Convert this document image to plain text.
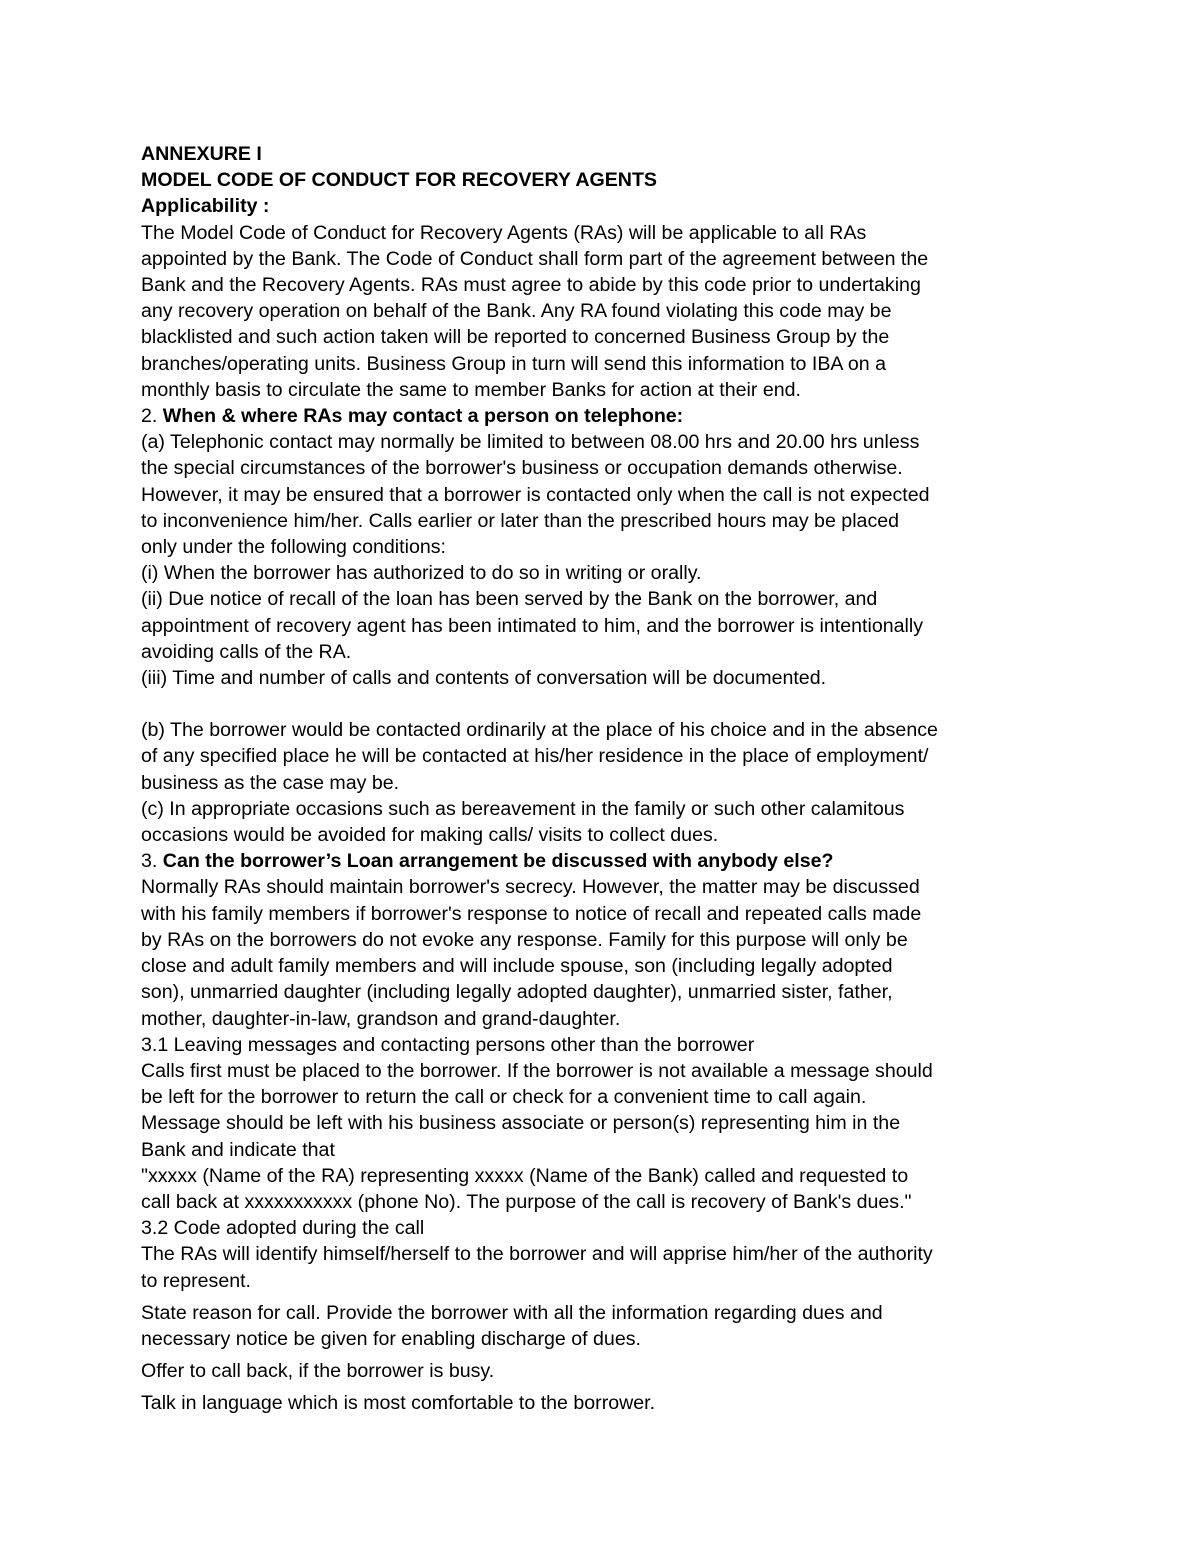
ANNEXURE I
MODEL CODE OF CONDUCT FOR RECOVERY AGENTS
Applicability :
The Model Code of Conduct for Recovery Agents (RAs) will be applicable to all RAs
appointed by the Bank. The Code of Conduct shall form part of the agreement between the
Bank and the Recovery Agents. RAs must agree to abide by this code prior to undertaking
any recovery operation on behalf of the Bank. Any RA found violating this code may be
blacklisted and such action taken will be reported to concerned Business Group by the
branches/operating units. Business Group in turn will send this information to IBA on a
monthly basis to circulate the same to member Banks for action at their end.
2. When & where RAs may contact a person on telephone:
(a) Telephonic contact may normally be limited to between 08.00 hrs and 20.00 hrs unless
the special circumstances of the borrower's business or occupation demands otherwise.
However, it may be ensured that a borrower is contacted only when the call is not expected
to inconvenience him/her. Calls earlier or later than the prescribed hours may be placed
only under the following conditions:
(i) When the borrower has authorized to do so in writing or orally.
(ii) Due notice of recall of the loan has been served by the Bank on the borrower, and
appointment of recovery agent has been intimated to him, and the borrower is intentionally
avoiding calls of the RA.
(iii) Time and number of calls and contents of conversation will be documented.
(b) The borrower would be contacted ordinarily at the place of his choice and in the absence
of any specified place he will be contacted at his/her residence in the place of employment/
business as the case may be.
(c) In appropriate occasions such as bereavement in the family or such other calamitous
occasions would be avoided for making calls/ visits to collect dues.
3. Can the borrower’s Loan arrangement be discussed with anybody else?
Normally RAs should maintain borrower's secrecy. However, the matter may be discussed
with his family members if borrower's response to notice of recall and repeated calls made
by RAs on the borrowers do not evoke any response. Family for this purpose will only be
close and adult family members and will include spouse, son (including legally adopted
son), unmarried daughter (including legally adopted daughter), unmarried sister, father,
mother, daughter-in-law, grandson and grand-daughter.
3.1 Leaving messages and contacting persons other than the borrower
Calls first must be placed to the borrower. If the borrower is not available a message should
be left for the borrower to return the call or check for a convenient time to call again.
Message should be left with his business associate or person(s) representing him in the
Bank and indicate that
"xxxxx (Name of the RA) representing xxxxx (Name of the Bank) called and requested to
call back at xxxxxxxxxxx (phone No). The purpose of the call is recovery of Bank's dues."
3.2 Code adopted during the call
The RAs will identify himself/herself to the borrower and will apprise him/her of the authority
to represent.
State reason for call. Provide the borrower with all the information regarding dues and
necessary notice be given for enabling discharge of dues.
Offer to call back, if the borrower is busy.
Talk in language which is most comfortable to the borrower.
